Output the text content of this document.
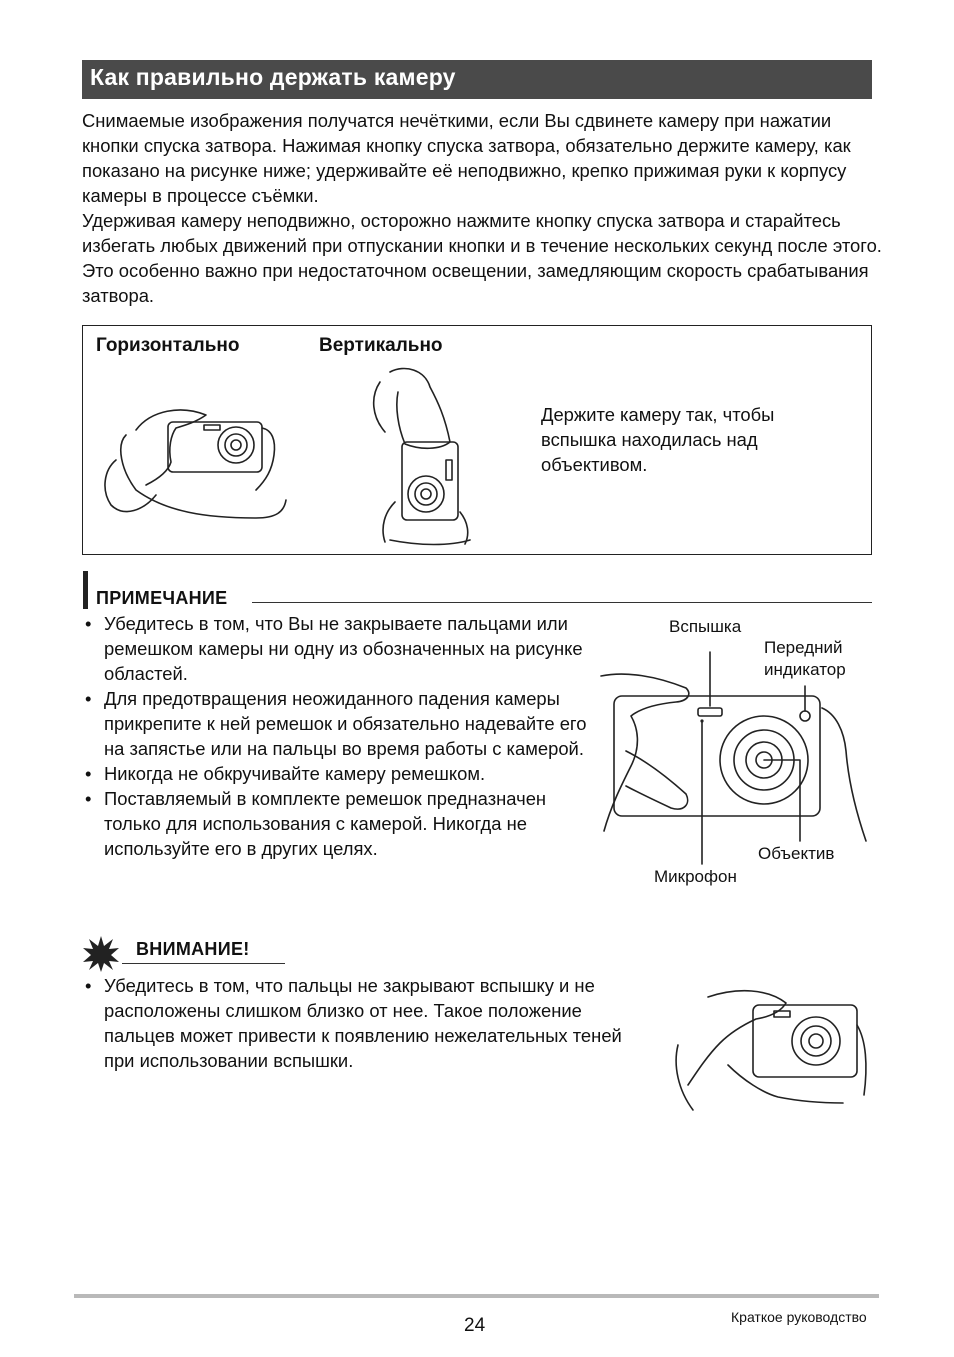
Как правильно держать камеру

Снимаемые изображения получатся нечёткими, если Вы сдвинете камеру при нажатии кнопки спуска затвора. Нажимая кнопку спуска затвора, обязательно держите камеру, как показано на рисунке ниже; удерживайте её неподвижно, крепко прижимая руки к корпусу камеры в процессе съёмки.

Удерживая камеру неподвижно, осторожно нажмите кнопку спуска затвора и старайтесь избегать любых движений при отпускании кнопки и в течение нескольких секунд после этого. Это особенно важно при недостаточном освещении, замедляющим скорость срабатывания затвора.

Горизонтально	Вертикально
Держите камеру так, чтобы вспышка находилась над объективом.
ПРИМЕЧАНИЕ
• Убедитесь в том, что Вы не закрываете пальцами или ремешком камеры ни одну из обозначенных на рисунке областей.
• Для предотвращения неожиданного падения камеры прикрепите к ней ремешок и обязательно надевайте его на запястье или на пальцы во время работы с камерой.
• Никогда не обкручивайте камеру ремешком.
• Поставляемый в комплекте ремешок предназначен только для использования с камерой. Никогда не используйте его в других целях.
Вспышка
Передний
индикатор
Объектив
Микрофон
ВНИМАНИЕ!
• Убедитесь в том, что пальцы не закрывают вспышку и не расположены слишком близко от нее. Такое положение пальцев может привести к появлению нежелательных теней при использовании вспышки.
24	Краткое руководство
